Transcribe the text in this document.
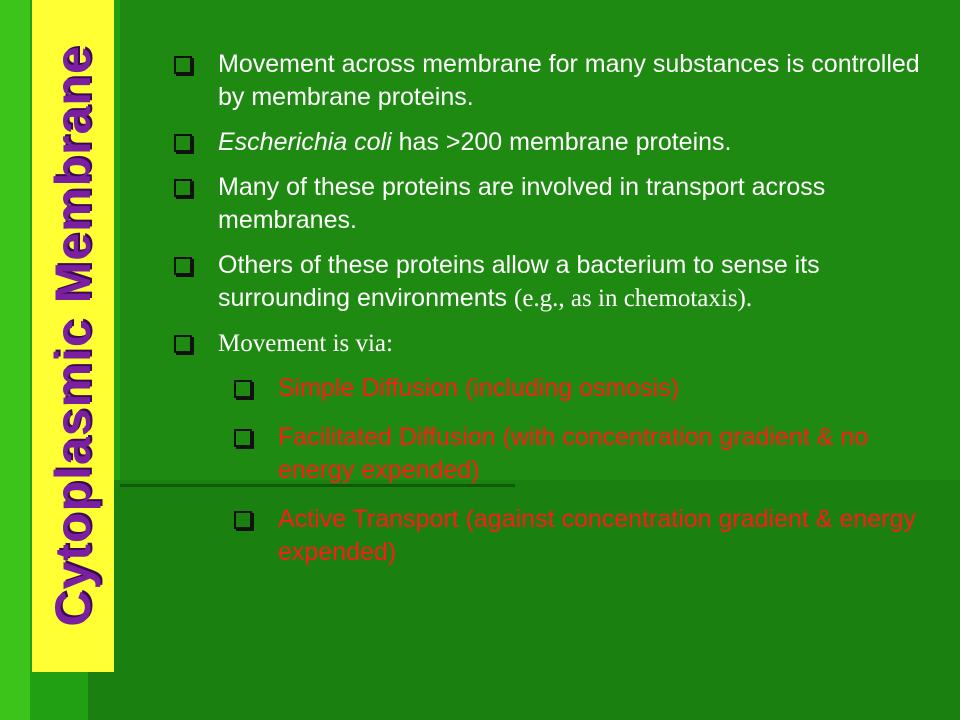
Cytoplasmic Membrane	Movement across membrane for many substances is controlled by membrane proteins.
Escherichia coli has >200 membrane proteins.
Many of these proteins are involved in transport across membranes.
Others of these proteins allow a bacterium to sense its surrounding environments (e.g., as in chemotaxis).
Movement is via:
Simple Diffusion (including osmosis)
Facilitated Diffusion (with concentration gradient & no energy expended)
Active Transport (against concentration gradient & energy expended)
